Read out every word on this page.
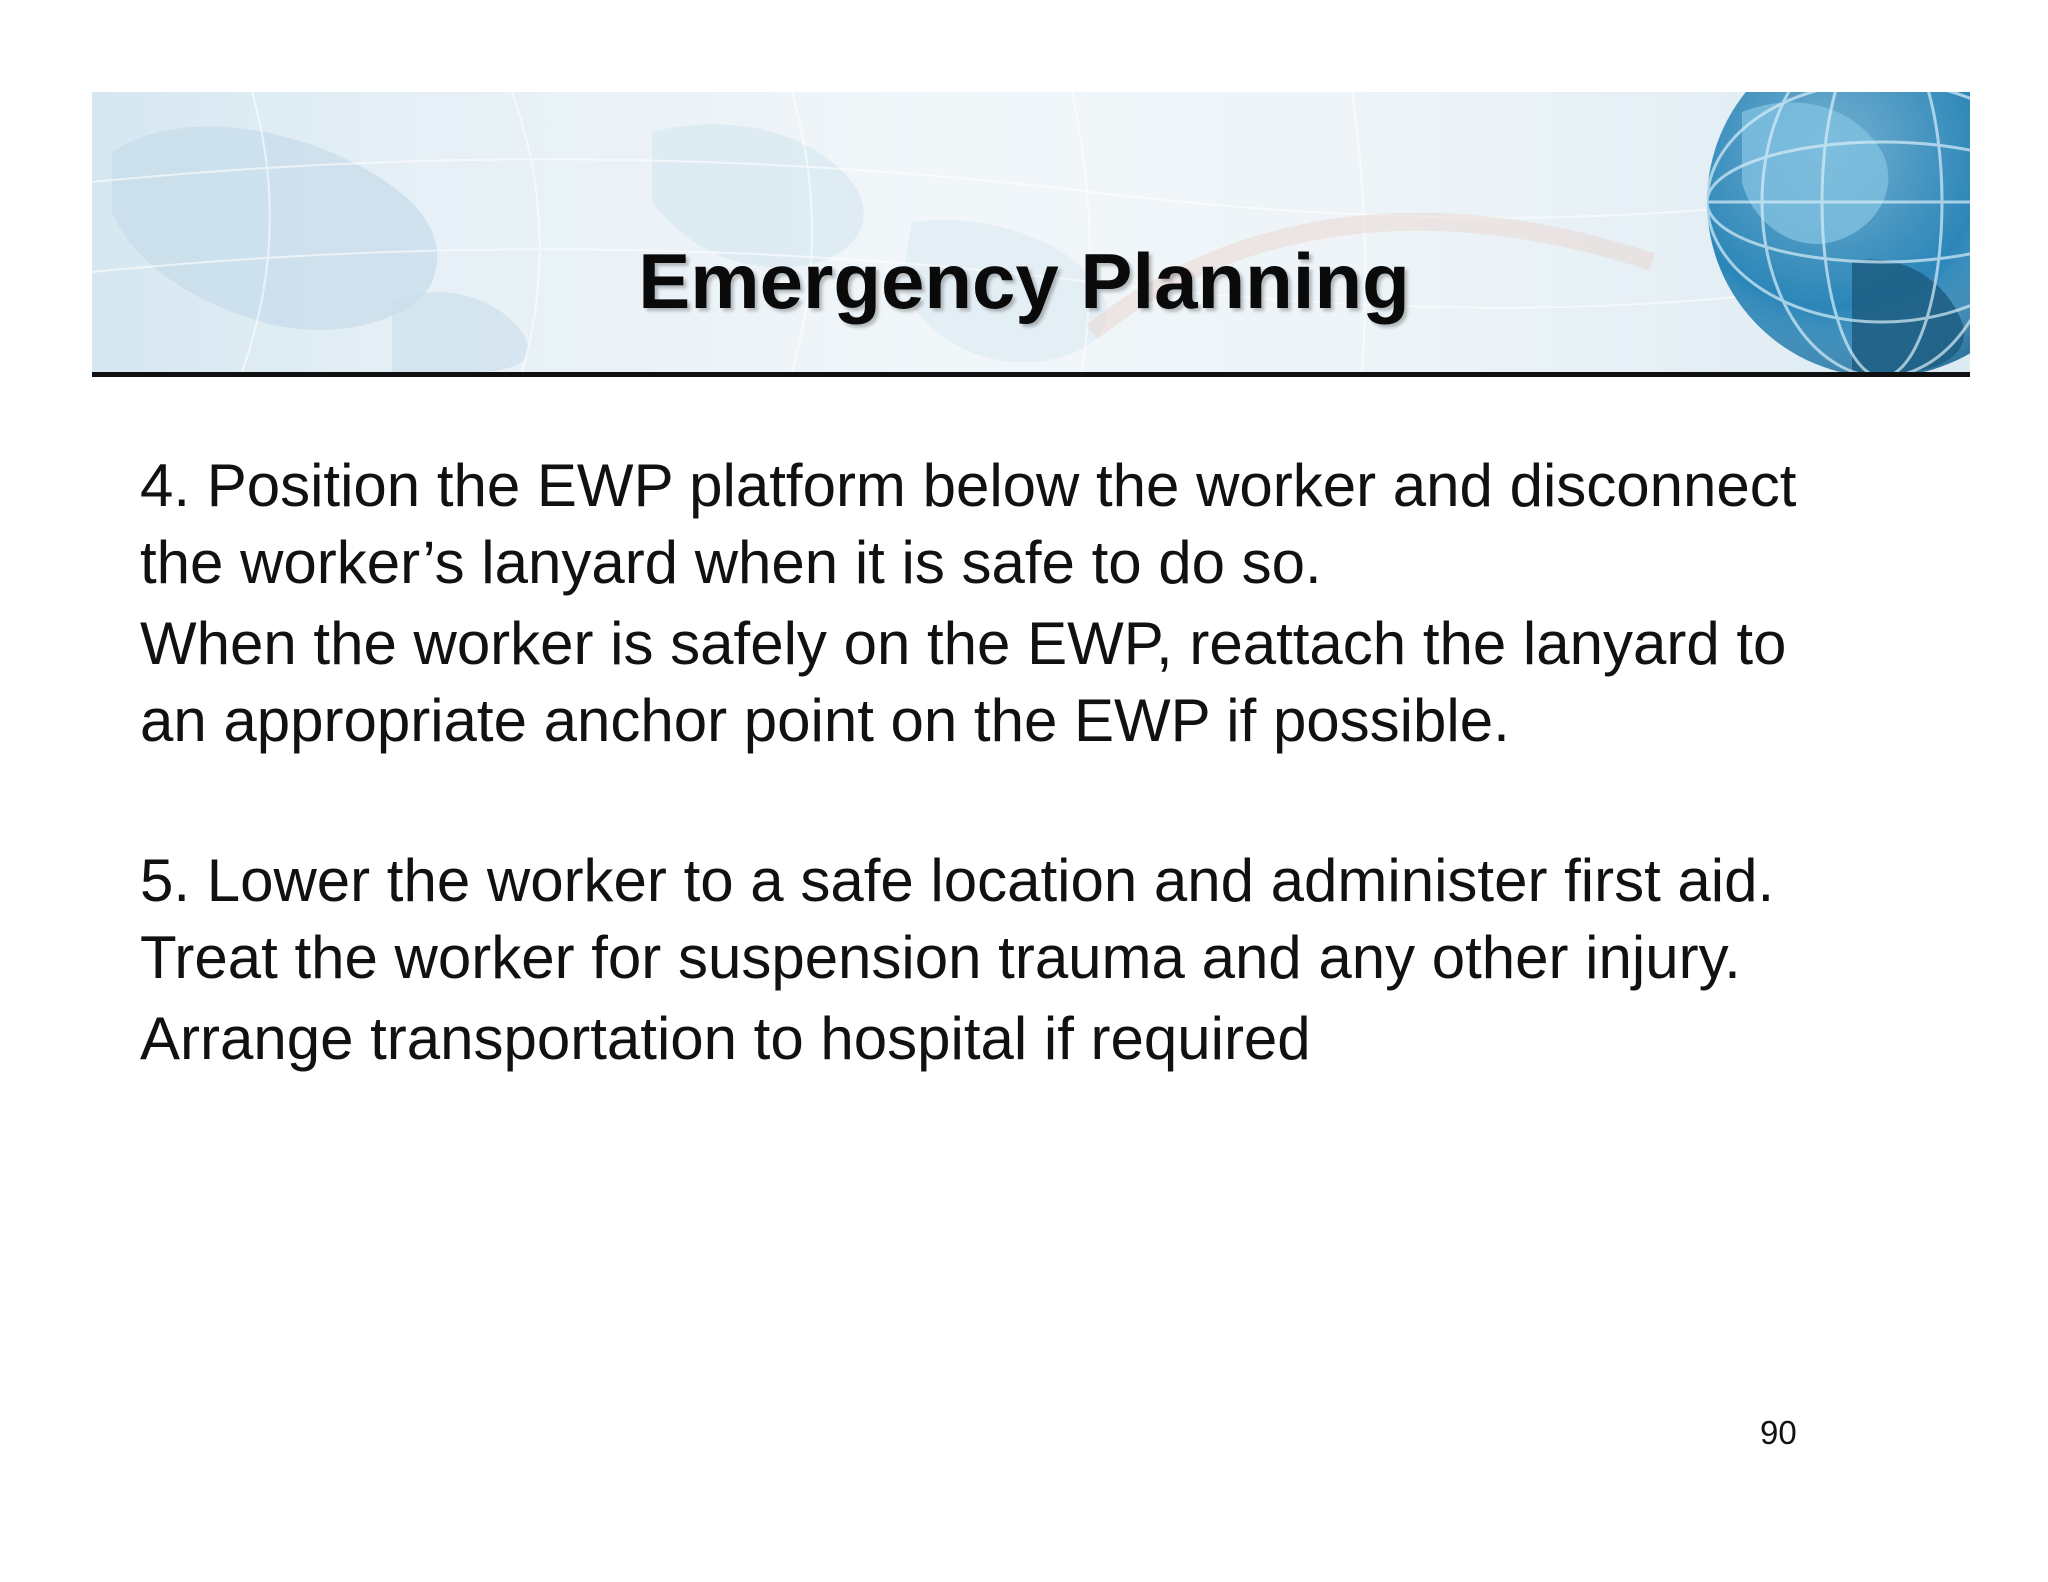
Emergency Planning
4. Position the EWP platform below the worker and disconnect
the worker’s lanyard when it is safe to do so.
When the worker is safely on the EWP, reattach the lanyard to
an appropriate anchor point on the EWP if possible.
5. Lower the worker to a safe location and administer first aid.
Treat the worker for suspension trauma and any other injury.
Arrange transportation to hospital if required
90
